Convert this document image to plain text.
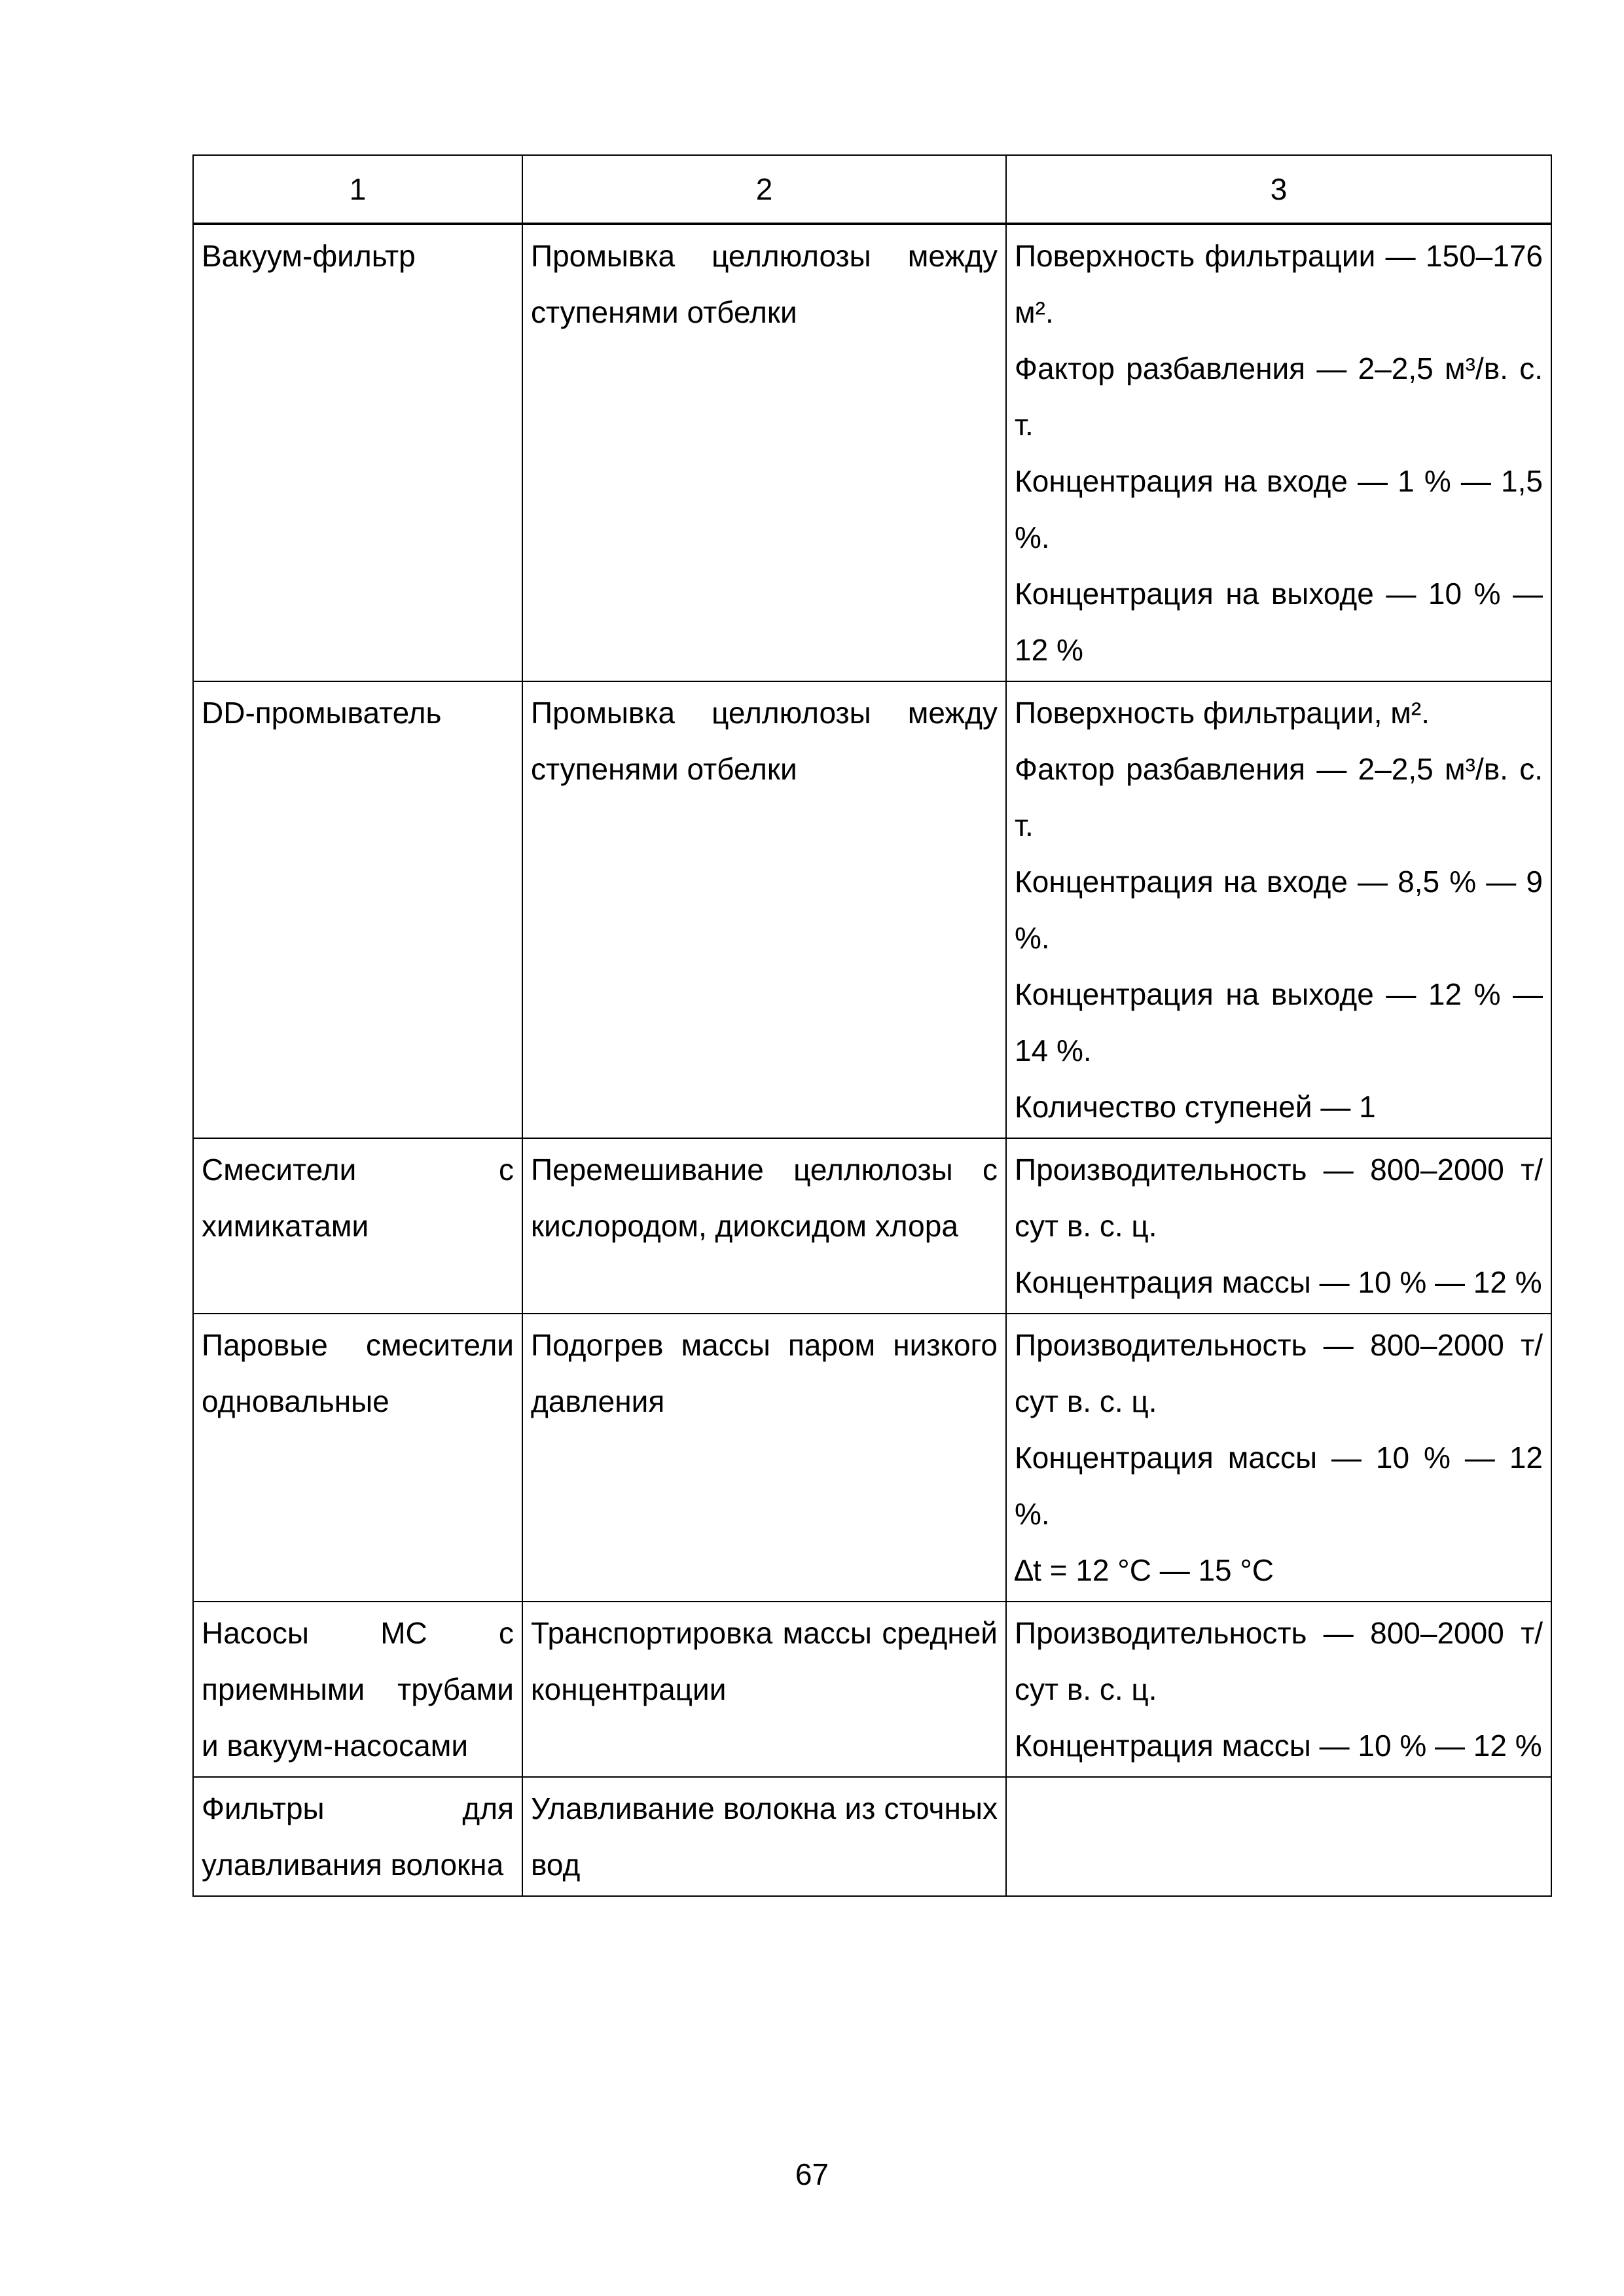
1	2	3
Вакуум-фильтр	Промывка целлюлозы между ступенями отбелки	Поверхность фильтрации — 150–176 м².
Фактор разбавления — 2–2,5 м³/в. с. т.
Концентрация на входе — 1 % — 1,5 %.
Концентрация на выходе — 10 % — 12 %

DD-промыватель	Промывка целлюлозы между ступенями отбелки	Поверхность фильтрации, м².
Фактор разбавления — 2–2,5 м³/в. с. т.
Концентрация на входе — 8,5 % — 9 %.
Концентрация на выходе — 12 % — 14 %.
Количество ступеней — 1

Смесители с химикатами	Перемешивание целлюлозы с кислородом, диоксидом хлора	Производительность — 800–2000 т/сут в. с. ц.
Концентрация массы — 10 % — 12 %

Паровые смесители одновальные	Подогрев массы паром низкого давления	Производительность — 800–2000 т/сут в. с. ц.
Концентрация массы — 10 % — 12 %.
∆t = 12 °C — 15 °C

Насосы МС с приемными трубами и вакуум-насосами	Транспортировка массы средней концентрации	Производительность — 800–2000 т/сут в. с. ц.
Концентрация массы — 10 % — 12 %

Фильтры для улавливания волокна	Улавливание волокна из сточных вод	
67
